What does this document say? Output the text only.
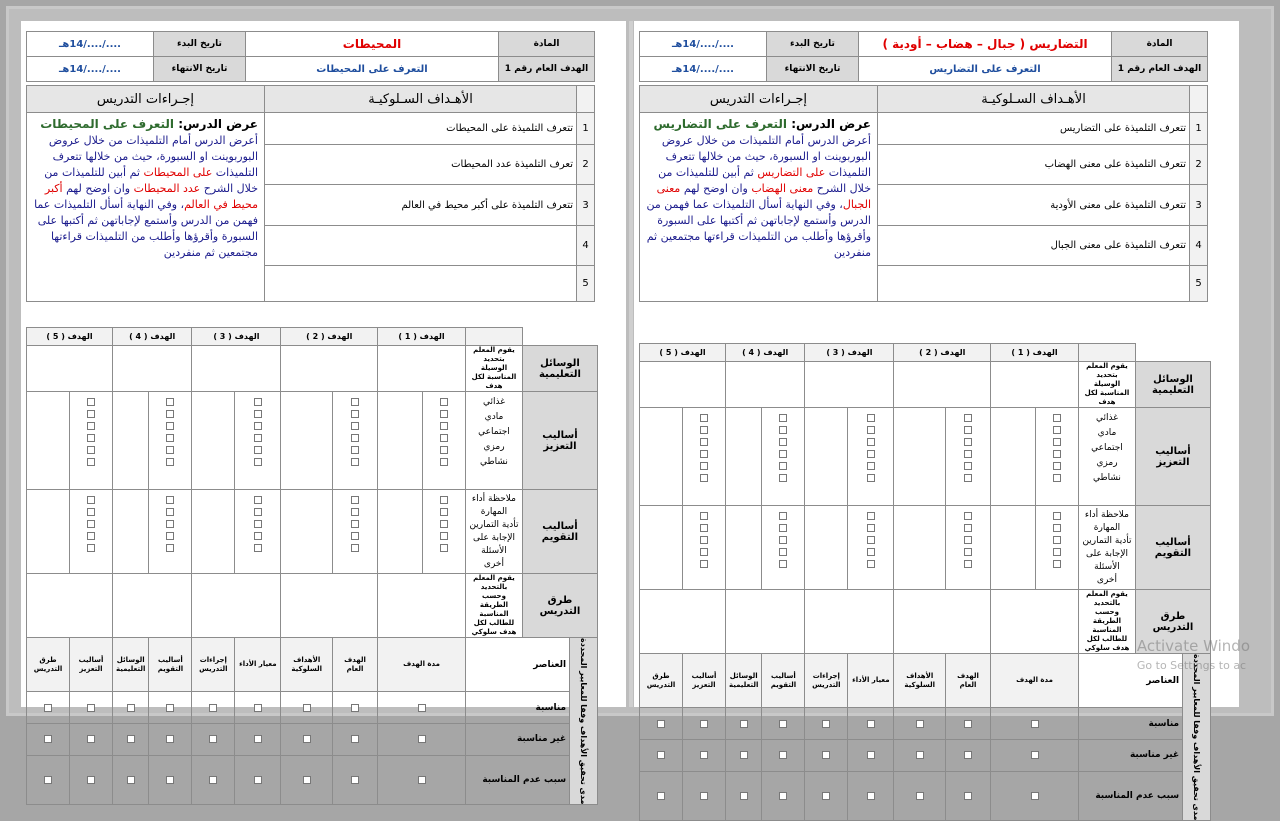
المادة	المحيطات	تاريخ البدء	..../..../14هـ
الهدف العام رقم 1	التعرف على المحيطات	تاريخ الانتهاء	..../..../14هـ
	الأهـداف السـلوكيـة	إجـراءات التدريس
1	تتعرف التلميذة على المحيطات	عرض الدرس: التعرف على المحيطات

أعرض الدرس أمام التلميذات من خلال عروض البوربوينت او السبورة، حيث من خلالها تتعرف التلميذات على المحيطات ثم أبين للتلميذات من خلال الشرح عدد المحيطات وان اوضح لهم أكبر محيط في العالم، وفي النهاية أسأل التلميذات عما فهمن من الدرس وأستمع لإجاباتهن ثم أكتبها على السبورة وأقرؤها وأطلب من التلميذات قراءتها مجتمعين ثم منفردين

2	تعرف التلميذة عدد المحيطات	
3	تتعرف التلميذة على أكبر محيط في العالم	
4		
5		
			الهدف ( 1 )		الهدف ( 2 )		الهدف ( 3 )		الهدف ( 4 )		الهدف ( 5 )	
الوسائل التعليمية		يقوم المعلم بتحديد الوسيلة المناسبة لكل هدف										
أساليب التعزيز		غذائي
مادي
اجتماعي
رمزي
نشاطي										

أساليب التقويم		ملاحظة أداء المهارة
تأدية التمارين
الإجابة على الأسئلة
أخرى										

طرق التدريس		يقوم المعلم بالتحديد وحسب الطريقة المناسبة للطالب لكل هدف سلوكي										
مدى تحقيق الأهداف وفقا للمعايير المحددة	العناصر		مدة الهدف		الهدف العام	الأهداف السلوكية	معيار الأداء	إجراءات التدريس	أساليب التقويم	الوسائل التعليمية	أساليب التعزيز	طرق التدريس
	مناسبة			

	غير مناسبة			

	سبب عدم المناسبة			

المادة	التضاريس ( جبال – هضاب – أودية )	تاريخ البدء	..../..../14هـ
الهدف العام رقم 1	التعرف على التضاريس	تاريخ الانتهاء	..../..../14هـ
	الأهـداف السـلوكيـة	إجـراءات التدريس
1	تتعرف التلميذة على التضاريس	عرض الدرس: التعرف على التضاريس

أعرض الدرس أمام التلميذات من خلال عروض البوربوينت او السبورة، حيث من خلالها تتعرف التلميذات على التضاريس ثم أبين للتلميذات من خلال الشرح معنى الهضاب وان اوضح لهم معنى الجبال، وفي النهاية أسأل التلميذات عما فهمن من الدرس وأستمع لإجاباتهن ثم أكتبها على السبورة وأقرؤها وأطلب من التلميذات قراءتها مجتمعين ثم منفردين

2	تتعرف التلميذة على معنى الهضاب	
3	تتعرف التلميذة على معنى الأودية	
4	تتعرف التلميذة على معنى الجبال	
5		
			الهدف ( 1 )		الهدف ( 2 )		الهدف ( 3 )		الهدف ( 4 )		الهدف ( 5 )	
الوسائل التعليمية		يقوم المعلم بتحديد الوسيلة المناسبة لكل هدف										
أساليب التعزيز		غذائي
مادي
اجتماعي
رمزي
نشاطي										

أساليب التقويم		ملاحظة أداء المهارة
تأدية التمارين
الإجابة على الأسئلة
أخرى										

طرق التدريس		يقوم المعلم بالتحديد وحسب الطريقة المناسبة للطالب لكل هدف سلوكي										
مدى تحقيق الأهداف وفقا للمعايير المحددة	العناصر		مدة الهدف		الهدف العام	الأهداف السلوكية	معيار الأداء	إجراءات التدريس	أساليب التقويم	الوسائل التعليمية	أساليب التعزيز	طرق التدريس
	مناسبة			

	غير مناسبة			

	سبب عدم المناسبة			

Activate Windo
Go to Settings to ac
